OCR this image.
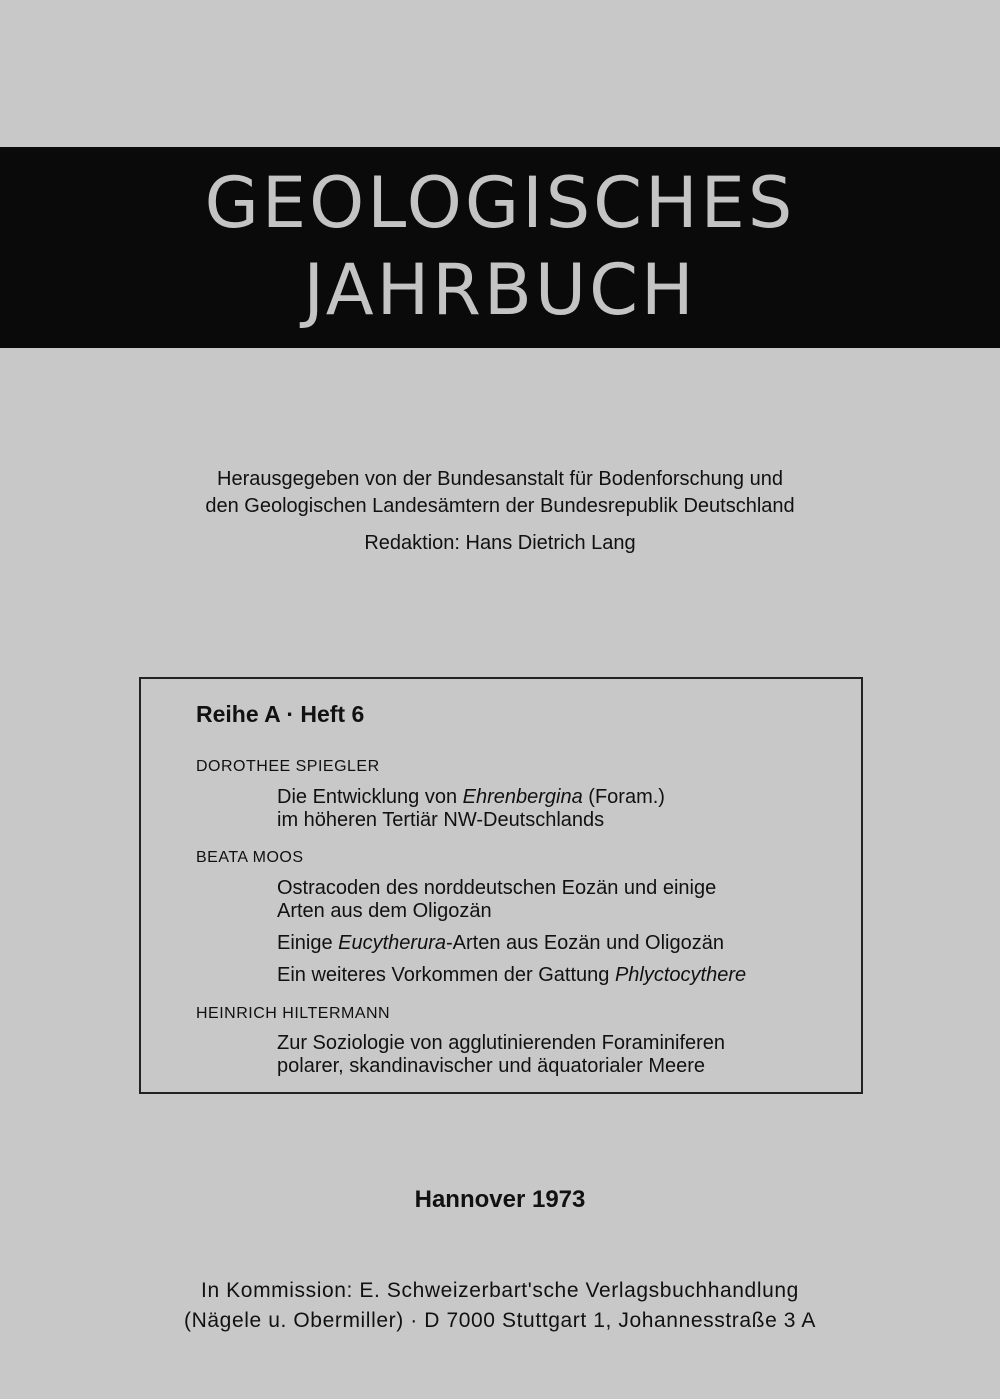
GEOLOGISCHES
JAHRBUCH
Herausgegeben von der Bundesanstalt für Bodenforschung und
den Geologischen Landesämtern der Bundesrepublik Deutschland
Redaktion: Hans Dietrich Lang
Reihe A · Heft 6
DOROTHEE SPIEGLER
Die Entwicklung von Ehrenbergina (Foram.)
im höheren Tertiär NW-Deutschlands
BEATA MOOS
Ostracoden des norddeutschen Eozän und einige
Arten aus dem Oligozän
Einige Eucytherura-Arten aus Eozän und Oligozän
Ein weiteres Vorkommen der Gattung Phlyctocythere
HEINRICH HILTERMANN
Zur Soziologie von agglutinierenden Foraminiferen
polarer, skandinavischer und äquatorialer Meere
Hannover 1973
In Kommission: E. Schweizerbart'sche Verlagsbuchhandlung
(Nägele u. Obermiller) · D 7000 Stuttgart 1, Johannesstraße 3 A
